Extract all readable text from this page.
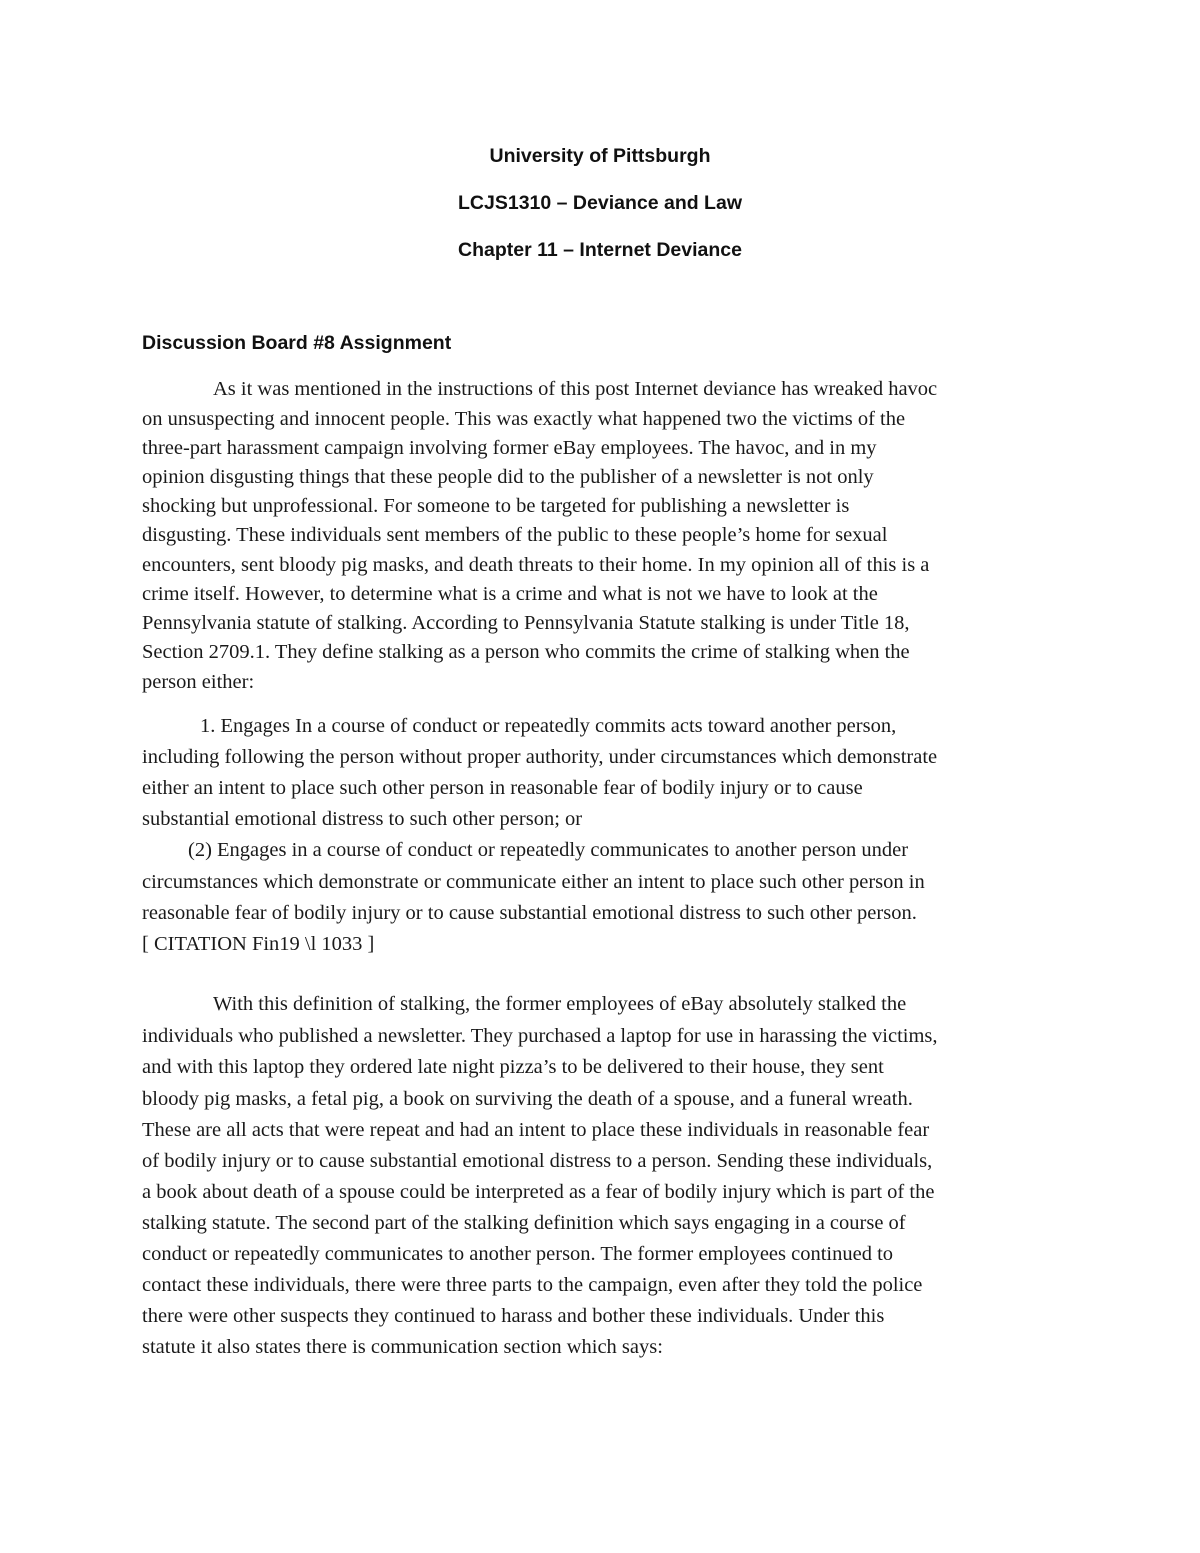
University of Pittsburgh
LCJS1310 – Deviance and Law
Chapter 11 – Internet Deviance
Discussion Board #8 Assignment
As it was mentioned in the instructions of this post Internet deviance has wreaked havoc
on unsuspecting and innocent people. This was exactly what happened two the victims of the
three-part harassment campaign involving former eBay employees. The havoc, and in my
opinion disgusting things that these people did to the publisher of a newsletter is not only
shocking but unprofessional. For someone to be targeted for publishing a newsletter is
disgusting. These individuals sent members of the public to these people’s home for sexual
encounters, sent bloody pig masks, and death threats to their home. In my opinion all of this is a
crime itself. However, to determine what is a crime and what is not we have to look at the
Pennsylvania statute of stalking. According to Pennsylvania Statute stalking is under Title 18,
Section 2709.1. They define stalking as a person who commits the crime of stalking when the
person either:
1. Engages In a course of conduct or repeatedly commits acts toward another person,
including following the person without proper authority, under circumstances which demonstrate
either an intent to place such other person in reasonable fear of bodily injury or to cause
substantial emotional distress to such other person; or
(2) Engages in a course of conduct or repeatedly communicates to another person under
circumstances which demonstrate or communicate either an intent to place such other person in
reasonable fear of bodily injury or to cause substantial emotional distress to such other person.
[ CITATION Fin19 \l 1033 ]
With this definition of stalking, the former employees of eBay absolutely stalked the
individuals who published a newsletter. They purchased a laptop for use in harassing the victims,
and with this laptop they ordered late night pizza’s to be delivered to their house, they sent
bloody pig masks, a fetal pig, a book on surviving the death of a spouse, and a funeral wreath.
These are all acts that were repeat and had an intent to place these individuals in reasonable fear
of bodily injury or to cause substantial emotional distress to a person. Sending these individuals,
a book about death of a spouse could be interpreted as a fear of bodily injury which is part of the
stalking statute. The second part of the stalking definition which says engaging in a course of
conduct or repeatedly communicates to another person. The former employees continued to
contact these individuals, there were three parts to the campaign, even after they told the police
there were other suspects they continued to harass and bother these individuals. Under this
statute it also states there is communication section which says:
